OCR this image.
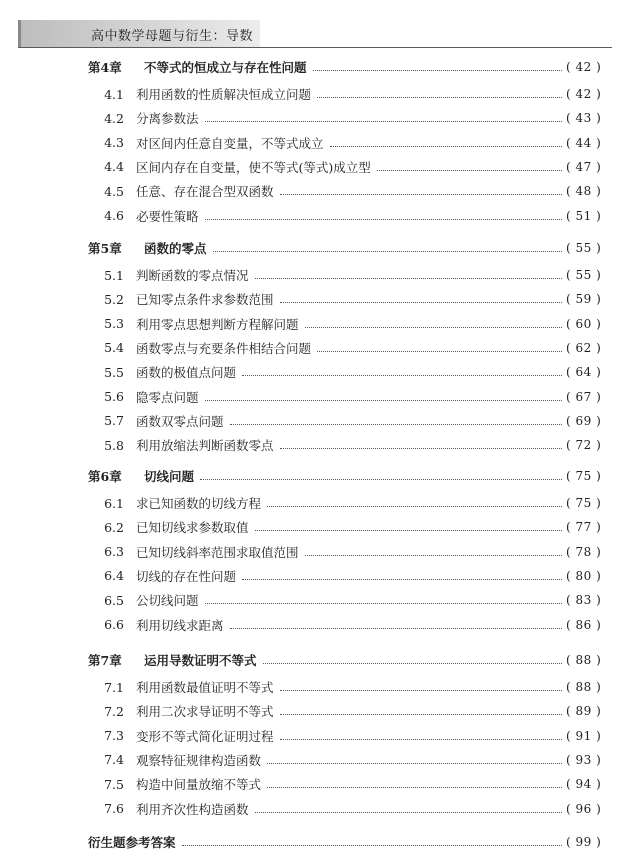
高中数学母题与衍生：导数
第4章 不等式的恒成立与存在性问题	( 42 )
4.1 利用函数的性质解决恒成立问题	( 42 )
4.2 分离参数法	( 43 )
4.3 对区间内任意自变量，不等式成立	( 44 )
4.4 区间内存在自变量，使不等式(等式)成立型	( 47 )
4.5 任意、存在混合型双函数	( 48 )
4.6 必要性策略	( 51 )
第5章 函数的零点	( 55 )
5.1 判断函数的零点情况	( 55 )
5.2 已知零点条件求参数范围	( 59 )
5.3 利用零点思想判断方程解问题	( 60 )
5.4 函数零点与充要条件相结合问题	( 62 )
5.5 函数的极值点问题	( 64 )
5.6 隐零点问题	( 67 )
5.7 函数双零点问题	( 69 )
5.8 利用放缩法判断函数零点	( 72 )
第6章 切线问题	( 75 )
6.1 求已知函数的切线方程	( 75 )
6.2 已知切线求参数取值	( 77 )
6.3 已知切线斜率范围求取值范围	( 78 )
6.4 切线的存在性问题	( 80 )
6.5 公切线问题	( 83 )
6.6 利用切线求距离	( 86 )
第7章 运用导数证明不等式	( 88 )
7.1 利用函数最值证明不等式	( 88 )
7.2 利用二次求导证明不等式	( 89 )
7.3 变形不等式简化证明过程	( 91 )
7.4 观察特征规律构造函数	( 93 )
7.5 构造中间量放缩不等式	( 94 )
7.6 利用齐次性构造函数	( 96 )
衍生题参考答案	( 99 )
